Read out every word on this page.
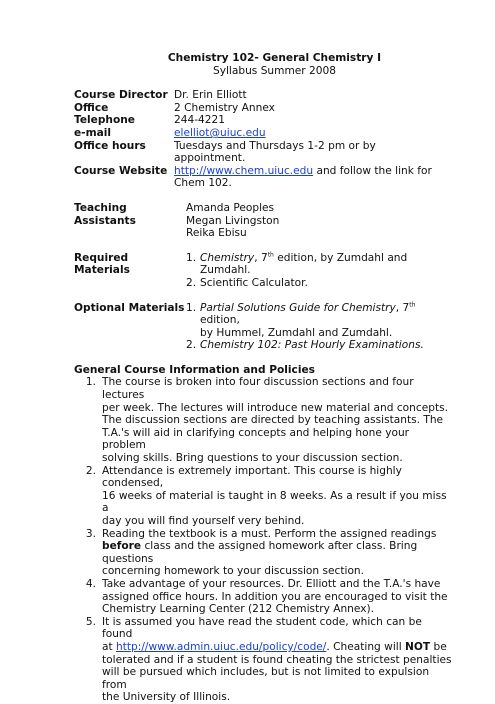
Chemistry 102- General Chemistry I
Syllabus Summer 2008
Course Director Dr. Erin Elliott
Office	2 Chemistry Annex
Telephone	244-4221
e-mail	elelliot@uiuc.edu
Office hours	Tuesdays and Thursdays 1-2 pm or by
appointment.
Course Website http://www.chem.uiuc.edu and follow the link for
Chem 102.
Teaching Assistants
Amanda Peoples
Megan Livingston
Reika Ebisu
Required Materials
1. Chemistry, 7th edition, by Zumdahl and Zumdahl.
2. Scientific Calculator.
Optional Materials 1. Partial Solutions Guide for Chemistry, 7th edition,
by Hummel, Zumdahl and Zumdahl.
2. Chemistry 102: Past Hourly Examinations.
General Course Information and Policies
1. The course is broken into four discussion sections and four lectures
per week. The lectures will introduce new material and concepts.
The discussion sections are directed by teaching assistants. The
T.A.'s will aid in clarifying concepts and helping hone your problem
solving skills. Bring questions to your discussion section.
2. Attendance is extremely important. This course is highly condensed,
16 weeks of material is taught in 8 weeks. As a result if you miss a
day you will find yourself very behind.
3. Reading the textbook is a must. Perform the assigned readings
before class and the assigned homework after class. Bring questions
concerning homework to your discussion section.
4. Take advantage of your resources. Dr. Elliott and the T.A.'s have
assigned office hours. In addition you are encouraged to visit the
Chemistry Learning Center (212 Chemistry Annex).
5. It is assumed you have read the student code, which can be found
at http://www.admin.uiuc.edu/policy/code/. Cheating will NOT be
tolerated and if a student is found cheating the strictest penalties
will be pursued which includes, but is not limited to expulsion from
the University of Illinois.
